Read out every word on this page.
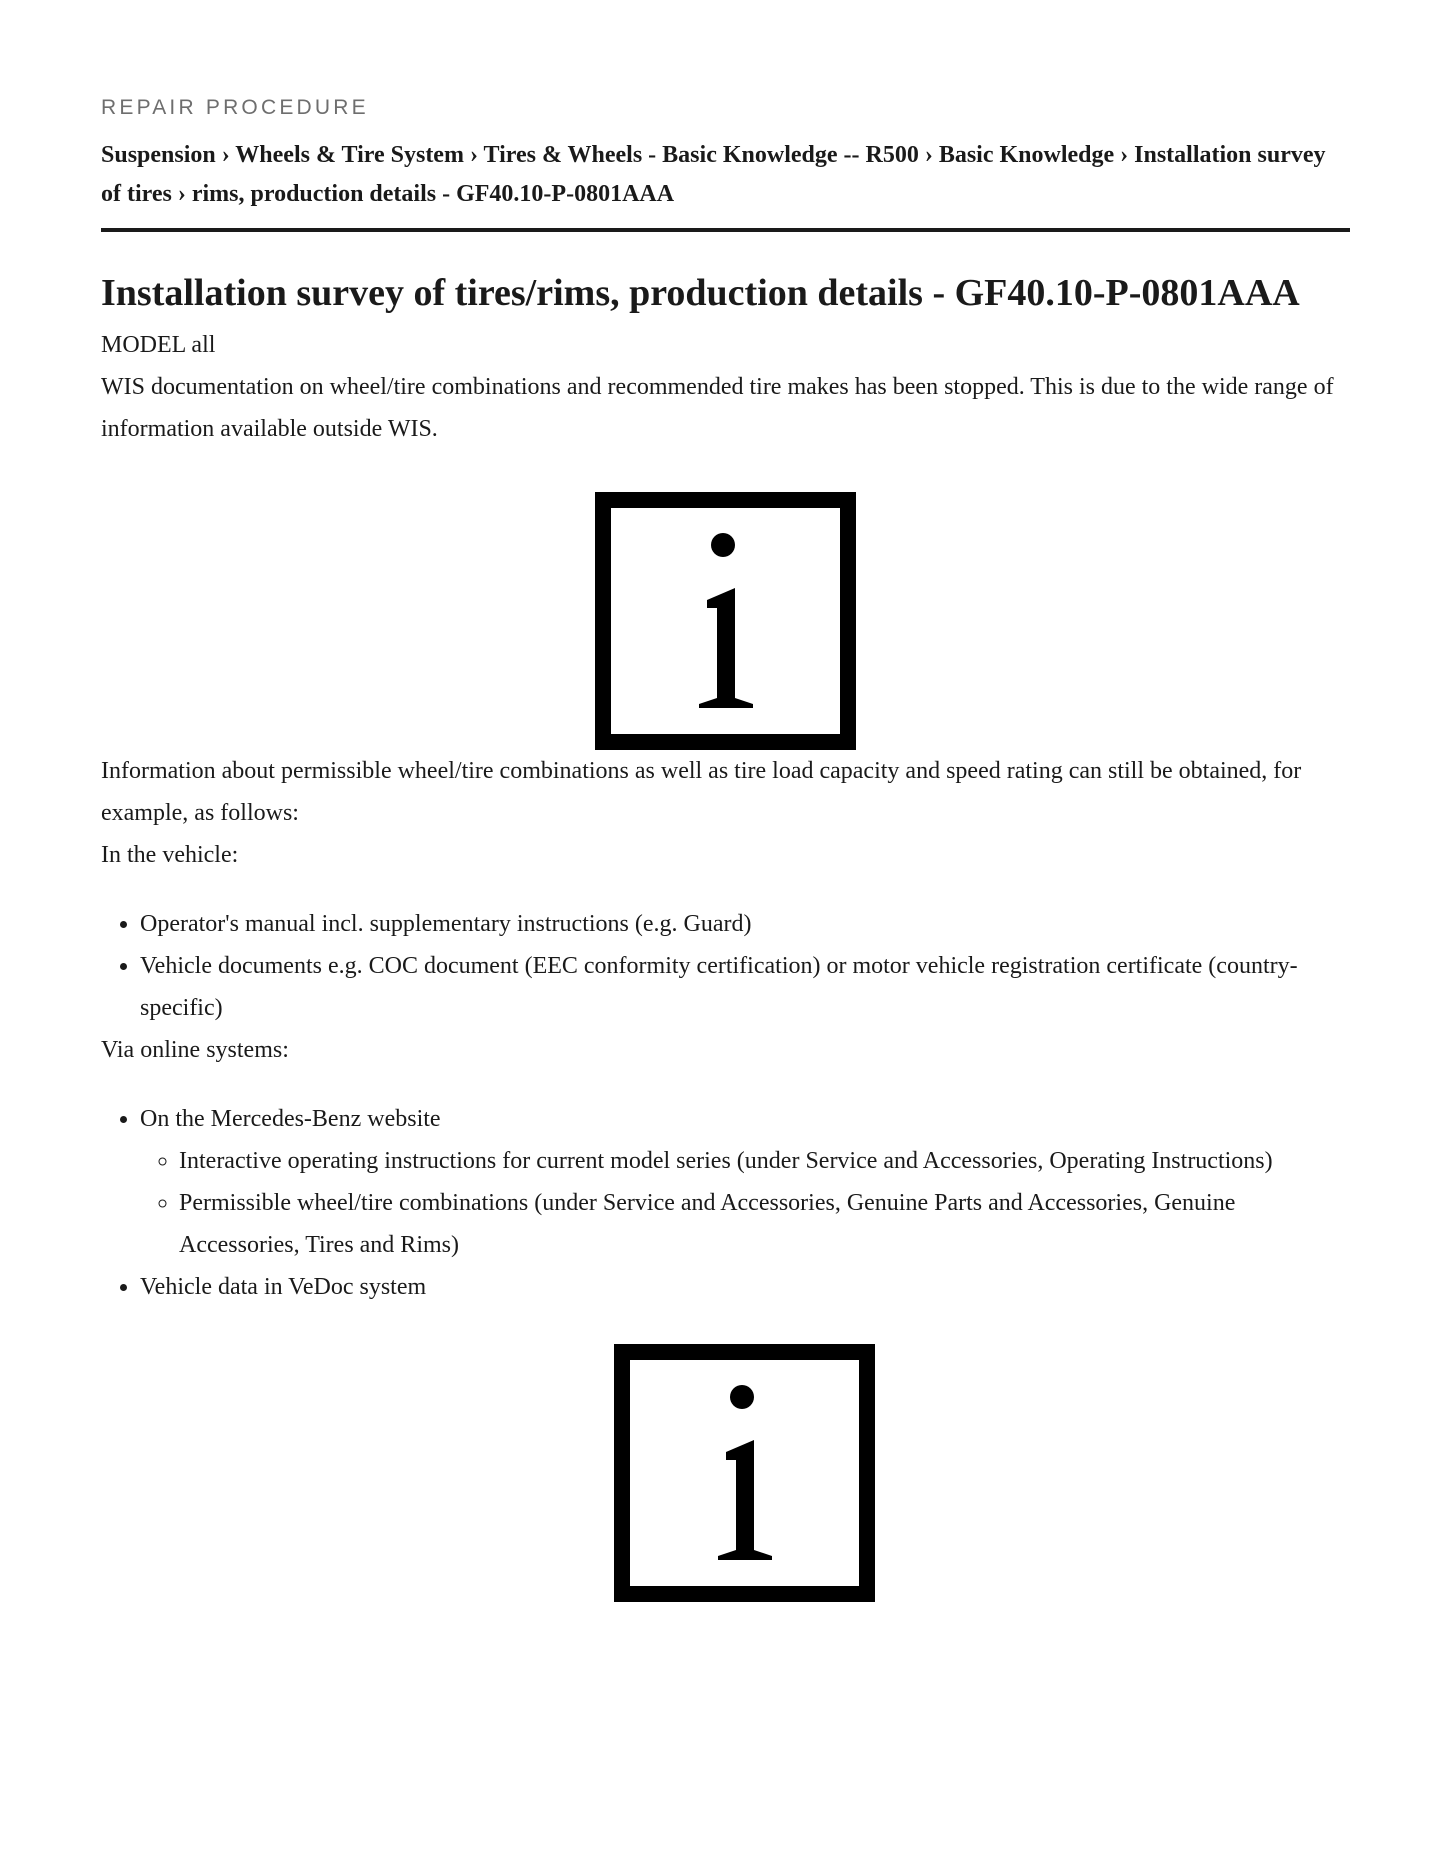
REPAIR PROCEDURE
Suspension › Wheels & Tire System › Tires & Wheels - Basic Knowledge -- R500 › Basic Knowledge › Installation survey of tires › rims, production details - GF40.10-P-0801AAA
Installation survey of tires/rims, production details - GF40.10-P-0801AAA

MODEL all

WIS documentation on wheel/tire combinations and recommended tire makes has been stopped. This is due to the wide range of information available outside WIS.

Information about permissible wheel/tire combinations as well as tire load capacity and speed rating can still be obtained, for example, as follows:

In the vehicle:

• Operator's manual incl. supplementary instructions (e.g. Guard)
• Vehicle documents e.g. COC document (EEC conformity certification) or motor vehicle registration certificate (country-specific)

Via online systems:

• On the Mercedes-Benz website
◦ Interactive operating instructions for current model series (under Service and Accessories, Operating Instructions)
◦ Permissible wheel/tire combinations (under Service and Accessories, Genuine Parts and Accessories, Genuine Accessories, Tires and Rims)
• Vehicle data in VeDoc system
